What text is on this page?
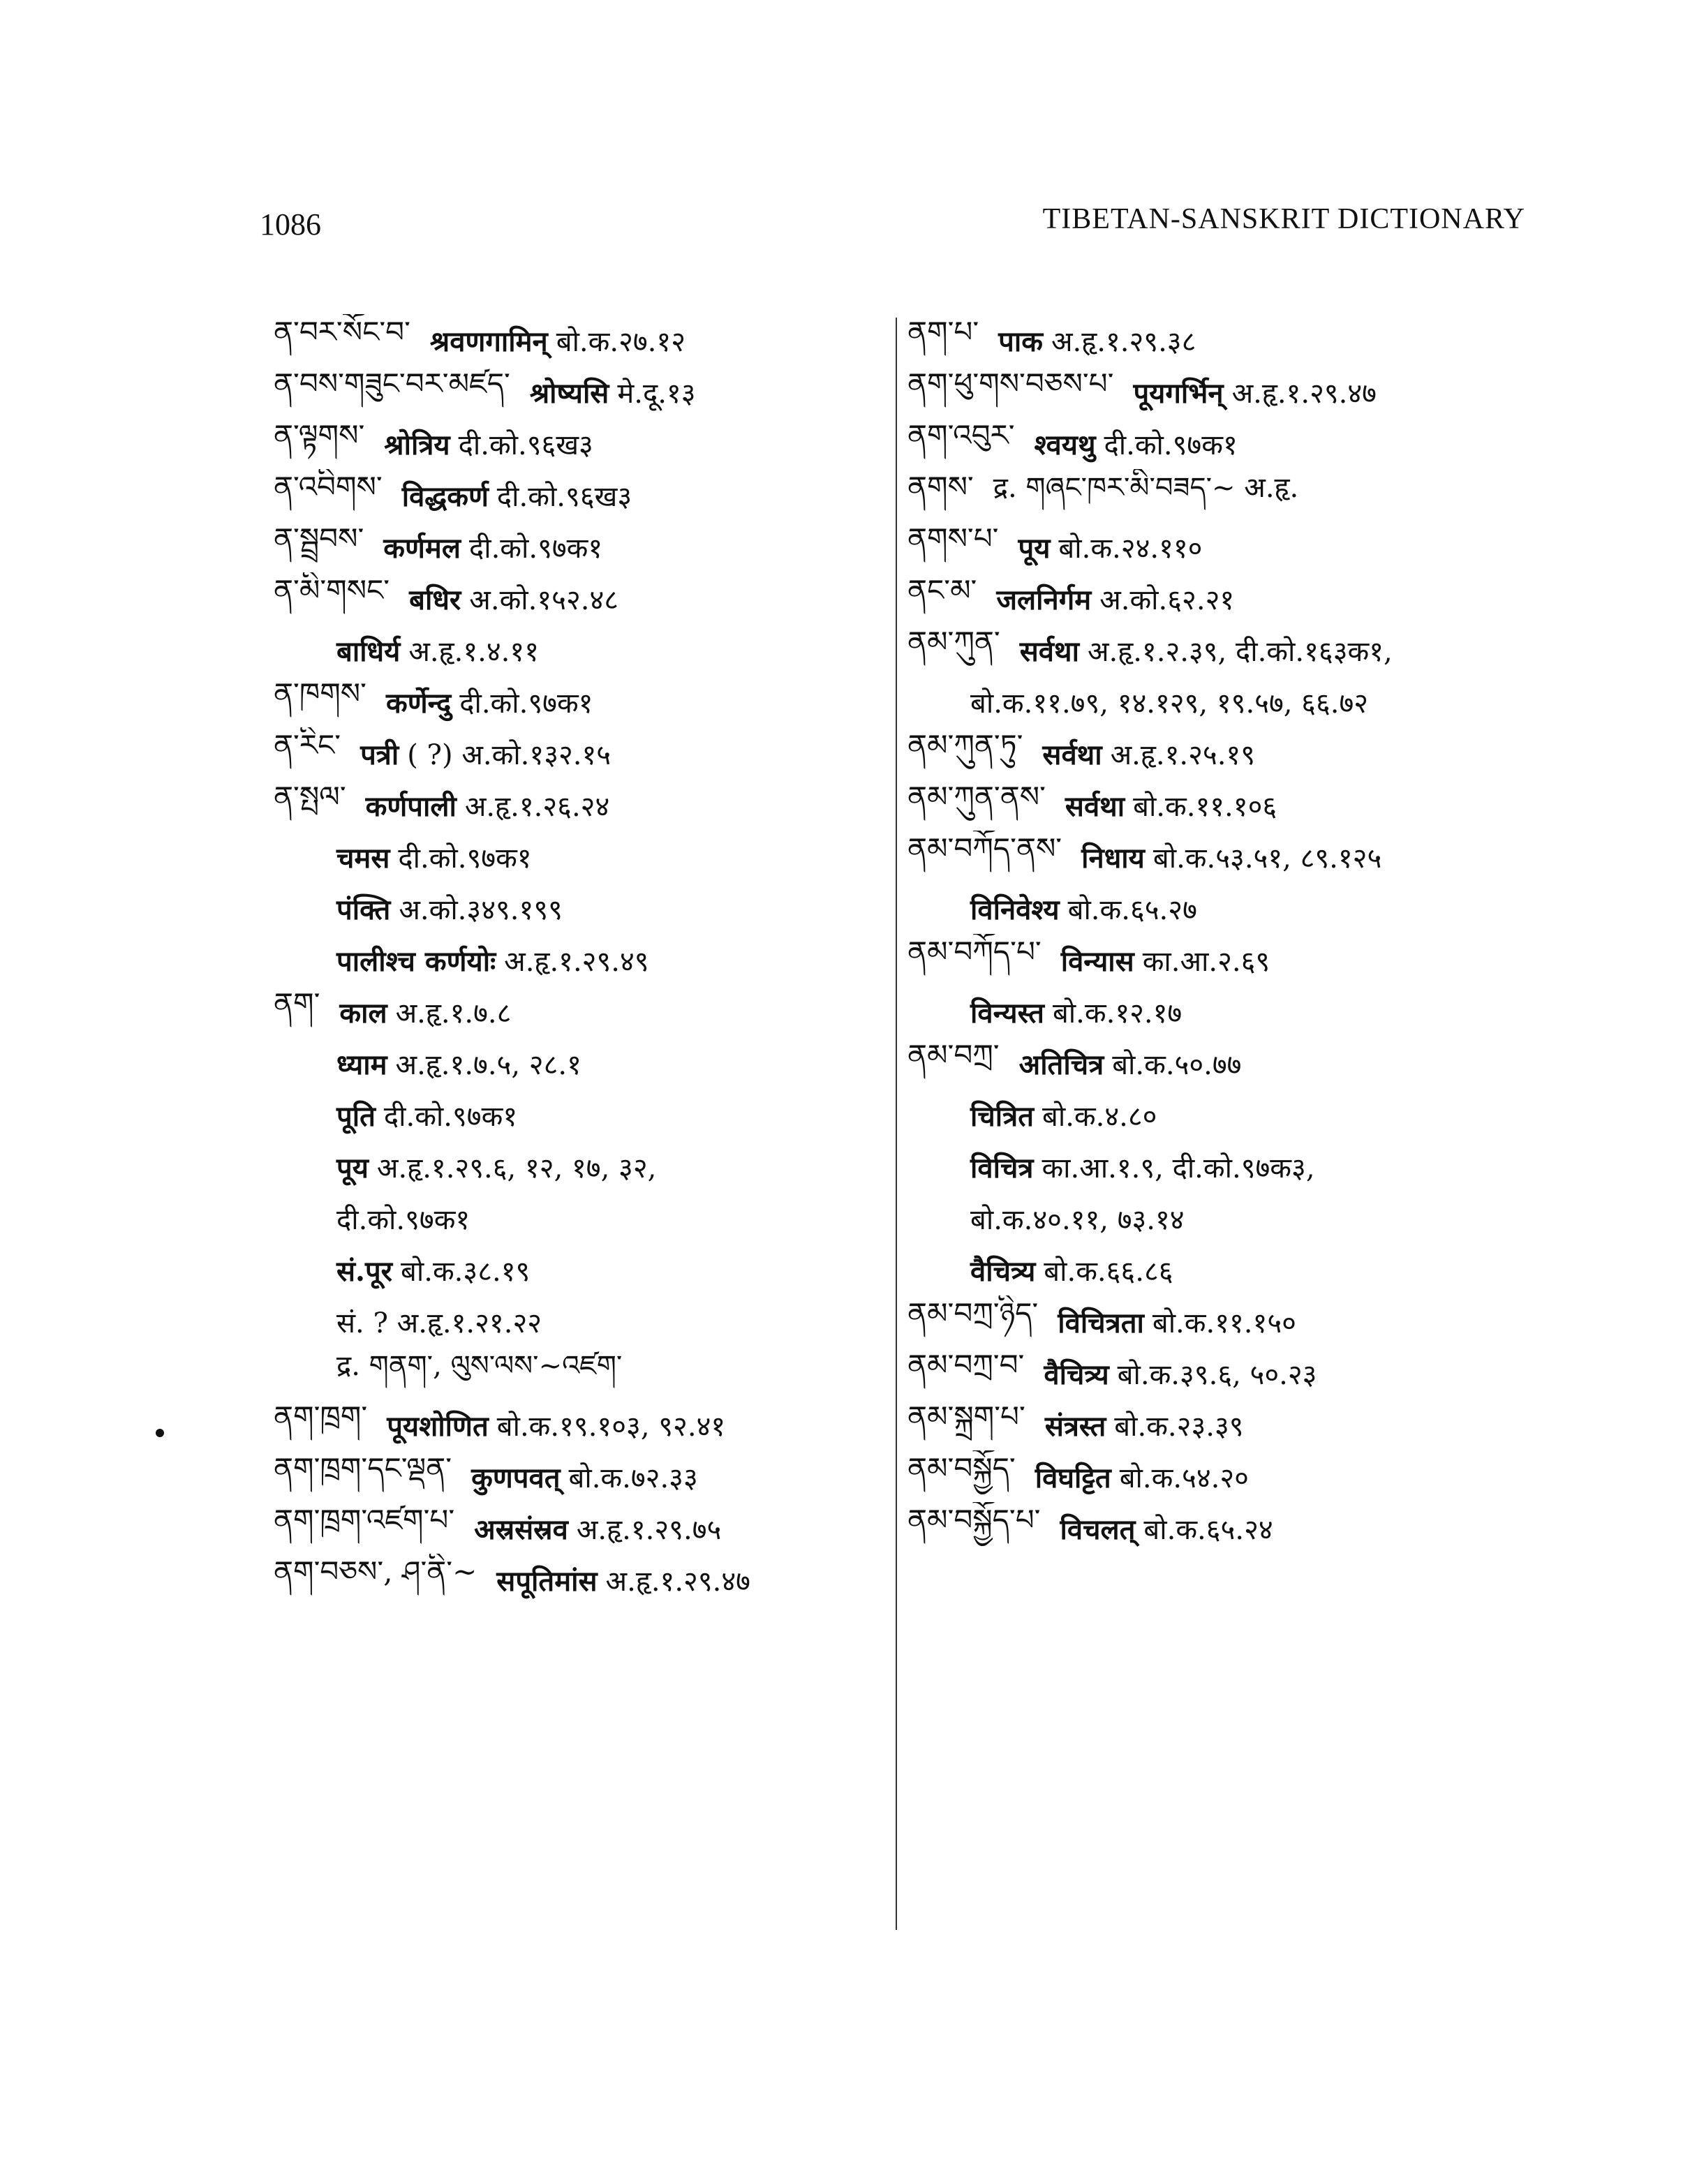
1086	TIBETAN-SANSKRIT DICTIONARY
ན་བར་སོང་བ་ श्रवणगामिन् बो.क.२७.१२
ན་བས་གཟུང་བར་མཛད་ श्रोष्यसि मे.दू.१३
ན་ལྟགས་ श्रोत्रिय दी.को.९६ख३
ན་འབིགས་ विद्धकर्ण दी.को.९६ख३
ན་སྦྲབས་ कर्णमल दी.को.९७क१
ན་མི་གསང་ बधिर अ.को.१५२.४८
बाधिर्य अ.हृ.१.४.११
ན་ཁགས་ कर्णेन्दु दी.को.९७क१
ན་རིང་ पत्री ( ?) अ.को.१३२.१५
ན་སྤལ་ कर्णपाली अ.हृ.१.२६.२४
चमस दी.को.९७क१
पंक्ति अ.को.३४९.१९९
पालीश्च कर्णयोः अ.हृ.१.२९.४९
ནག་ काल अ.हृ.१.७.८
ध्याम अ.हृ.१.७.५, २८.१
पूति दी.को.९७क१
पूय अ.हृ.१.२९.६, १२, १७, ३२,
दी.को.९७क१
सं.पूर बो.क.३८.१९
सं. ? अ.हृ.१.२१.२२
द्र. གནག་, ལུས་ལས་~འཛག་
ནག་ཁྲག་ पूयशोणित बो.क.१९.१०३, ९२.४१
ནག་ཁྲག་དང་ལྡན་ कुणपवत् बो.क.७२.३३
ནག་ཁྲག་འཛག་པ་ अस्रसंस्रव अ.हृ.१.२९.७५
ནག་བཅས་, ཤ་ནི་~ सपूतिमांस अ.हृ.१.२९.४७
ནག་པ་ पाक अ.हृ.१.२९.३८
ནག་ཕུ་གས་བཅས་པ་ पूयगर्भिन् अ.हृ.१.२९.४७
ནག་འབུར་ श्वयथु दी.को.९७क१
ནགས་ द्र. གཞང་ཁར་མི་བཟད་~ अ.हृ.
ནགས་པ་ पूय बो.क.२४.११०
ནང་མ་ जलनिर्गम अ.को.६२.२१
ནམ་ཀུན་ सर्वथा अ.हृ.१.२.३९, दी.को.१६३क१,
बो.क.११.७९, १४.१२९, १९.५७, ६६.७२
ནམ་ཀུན་ཏུ་ सर्वथा अ.हृ.१.२५.१९
ནམ་ཀུན་ནས་ सर्वथा बो.क.११.१०६
ནམ་བཀོད་ནས་ निधाय बो.क.५३.५१, ८९.१२५
विनिवेश्य बो.क.६५.२७
ནམ་བཀོད་པ་ विन्यास का.आ.२.६९
विन्यस्त बो.क.१२.१७
ནམ་བཀྲ་ अतिचित्र बो.क.५०.७७
चित्रित बो.क.४.८०
विचित्र का.आ.१.९, दी.को.९७क३,
बो.क.४०.११, ७३.१४
वैचित्र्य बो.क.६६.८६
ནམ་བཀྲ་ཉིད་ विचित्रता बो.क.११.१५०
ནམ་བཀྲ་བ་ वैचित्र्य बो.क.३९.६, ५०.२३
ནམ་སྐྲག་པ་ संत्रस्त बो.क.२३.३९
ནམ་བསྐྱོད་ विघट्टित बो.क.५४.२०
ནམ་བསྐྱོད་པ་ विचलत् बो.क.६५.२४
